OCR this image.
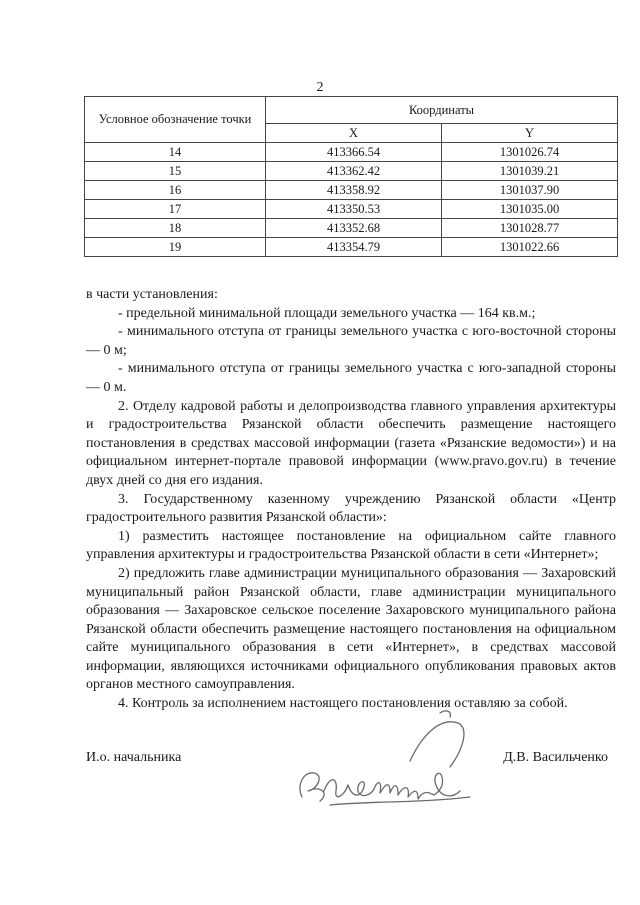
2
Условное обозначение точки	Координаты	
	X	Y
14	413366.54	1301026.74
15	413362.42	1301039.21
16	413358.92	1301037.90
17	413350.53	1301035.00
18	413352.68	1301028.77
19	413354.79	1301022.66

в части установления:

- предельной минимальной площади земельного участка — 164 кв.м.;

- минимального отступа от границы земельного участка с юго-восточной стороны — 0 м;

- минимального отступа от границы земельного участка с юго-западной стороны — 0 м.

2. Отделу кадровой работы и делопроизводства главного управления архитектуры и градостроительства Рязанской области обеспечить размещение настоящего постановления в средствах массовой информации (газета «Рязанские ведомости») и на официальном интернет-портале правовой информации (www.pravo.gov.ru) в течение двух дней со дня его издания.

3. Государственному казенному учреждению Рязанской области «Центр градостроительного развития Рязанской области»:

1) разместить настоящее постановление на официальном сайте главного управления архитектуры и градостроительства Рязанской области в сети «Интернет»;

2) предложить главе администрации муниципального образования — Захаровский муниципальный район Рязанской области, главе администрации муниципального образования — Захаровское сельское поселение Захаровского муниципального района Рязанской области обеспечить размещение настоящего постановления на официальном сайте муниципального образования в сети «Интернет», в средствах массовой информации, являющихся источниками официального опубликования правовых актов органов местного самоуправления.

4. Контроль за исполнением настоящего постановления оставляю за собой.

И.о. начальника	Д.В. Васильченко
